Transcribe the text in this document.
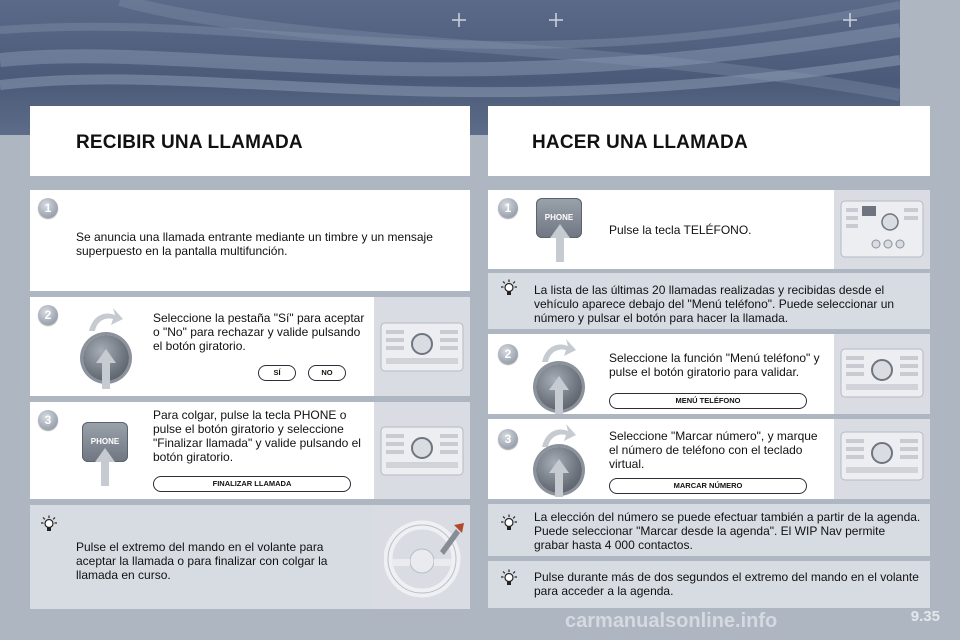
RECIBIR UNA LLAMADA	HACER UNA LLAMADA
1
Se anuncia una llamada entrante mediante un timbre y un mensaje superpuesto en la pantalla multifunción.
2	Seleccione la pestaña "Sí" para aceptar o "No" para rechazar y valide pulsando el botón giratorio.
SÍ	NO
3
PHONE
Para colgar, pulse la tecla PHONE o pulse el botón giratorio y seleccione "Finalizar llamada" y valide pulsando el botón giratorio.
FINALIZAR LLAMADA
Pulse el extremo del mando en el volante para aceptar la llamada o para finalizar con colgar la llamada en curso.
1
PHONE
Pulse la tecla TELÉFONO.
La lista de las últimas 20 llamadas realizadas y recibidas desde el vehículo aparece debajo del "Menú teléfono". Puede seleccionar un número y pulsar el botón para hacer la llamada.
2	Seleccione la función "Menú teléfono" y pulse el botón giratorio para validar.
MENÚ TELÉFONO
3	Seleccione "Marcar número", y marque el número de teléfono con el teclado virtual.
MARCAR NÚMERO
La elección del número se puede efectuar también a partir de la agenda. Puede seleccionar "Marcar desde la agenda". El WIP Nav permite grabar hasta 4 000 contactos.
Pulse durante más de dos segundos el extremo del mando en el volante para acceder a la agenda.
carmanualsonline.info	9.35
